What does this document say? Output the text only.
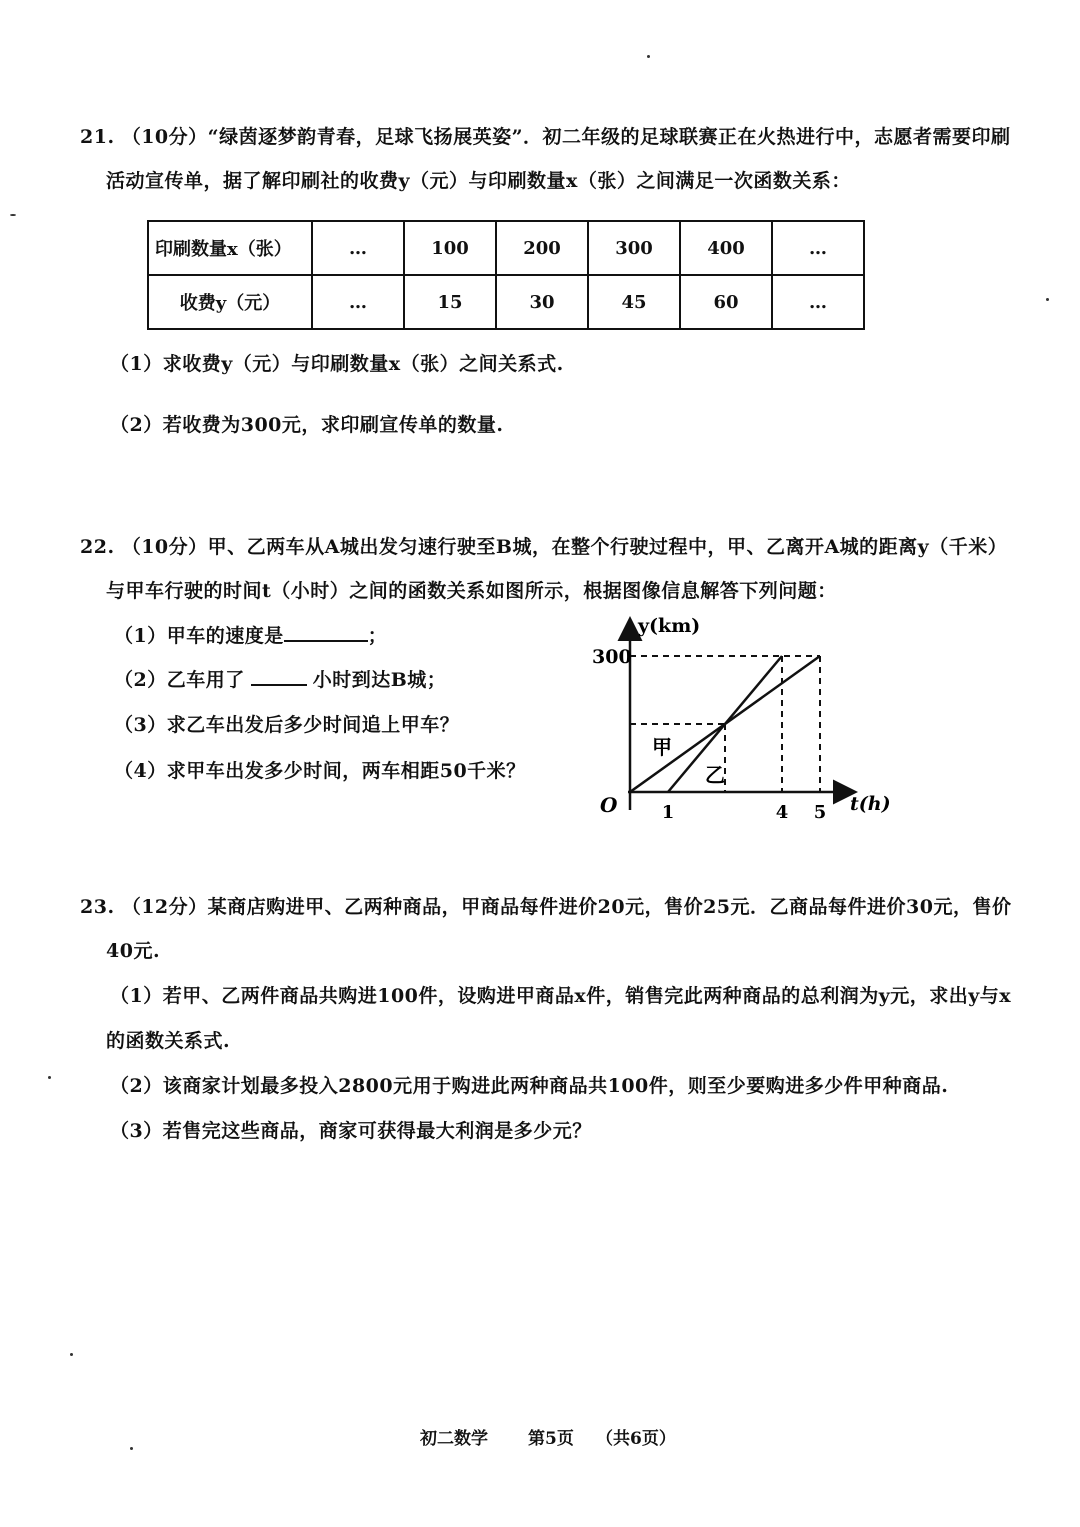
21. （10分）“绿茵逐梦韵青春，足球飞扬展英姿”．初二年级的足球联赛正在火热进行中，志愿者需要印刷
活动宣传单，据了解印刷社的收费y（元）与印刷数量x（张）之间满足一次函数关系：
印刷数量x（张）	…	100	200	300	400	…
收费y（元）	…	15	30	45	60	…
（1）求收费y（元）与印刷数量x（张）之间关系式.
（2）若收费为300元，求印刷宣传单的数量.
22. （10分）甲、乙两车从A城出发匀速行驶至B城，在整个行驶过程中，甲、乙离开A城的距离y（千米）
与甲车行驶的时间t（小时）之间的函数关系如图所示，根据图像信息解答下列问题：
（1）甲车的速度是	；
（2）乙车用了	小时到达B城；
（3）求乙车出发后多少时间追上甲车？
（4）求甲车出发多少时间，两车相距50千米？
y(km)
t(h)
O
300
1	4 5
甲
乙
23. （12分）某商店购进甲、乙两种商品，甲商品每件进价20元，售价25元．乙商品每件进价30元，售价
40元.
（1）若甲、乙两件商品共购进100件，设购进甲商品x件，销售完此两种商品的总利润为y元，求出y与x
的函数关系式.
（2）该商家计划最多投入2800元用于购进此两种商品共100件，则至少要购进多少件甲种商品.
（3）若售完这些商品，商家可获得最大利润是多少元？
初二数学 第5页 （共6页）
